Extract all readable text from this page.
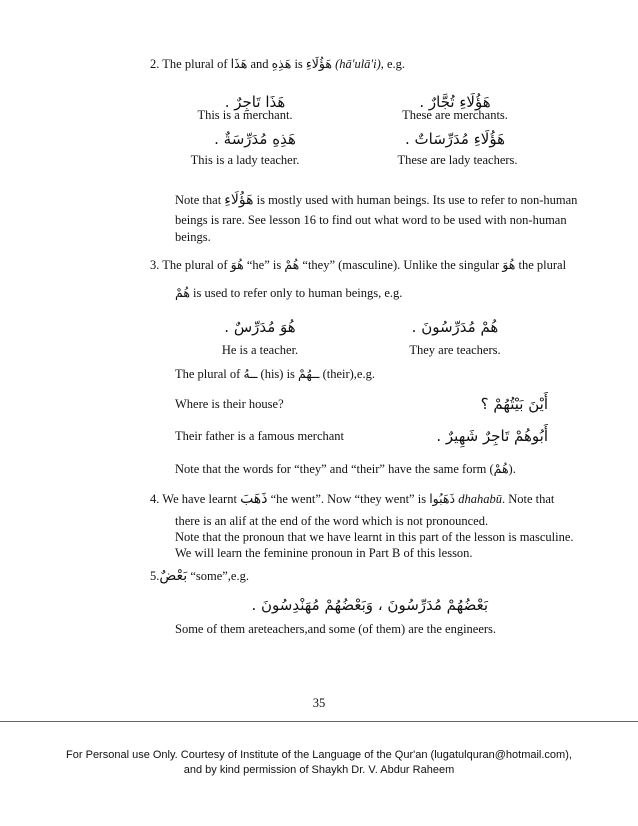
2. The plural of هَذَا and هَذِهِ is هَؤُلَاءِ (hā'ulā'i), e.g.
هَذَا تَاجِرٌ .	هَؤُلَاءِ تُجَّارٌ .
This is a merchant.	These are merchants.
هَذِهِ مُدَرِّسَةٌ .	هَؤُلَاءِ مُدَرِّسَاتٌ .
This is a lady teacher.	These are lady teachers.
Note that هَؤُلَاءِ is mostly used with human beings. Its use to refer to non-human
beings is rare. See lesson 16 to find out what word to be used with non-human
beings.
3. The plural of هُوَ “he” is هُمْ “they” (masculine). Unlike the singular هُوَ the plural
هُمْ is used to refer only to human beings, e.g.
هُوَ مُدَرِّسٌ .	هُمْ مُدَرِّسُونَ .
He is a teacher.	They are teachers.
The plural of ــهُ (his) is ــهُمْ (their),e.g.
Where is their house?	أَيْنَ بَيْتُهُمْ ؟
Their father is a famous merchant	أَبُوهُمْ تَاجِرٌ شَهِيرٌ .
Note that the words for “they” and “their” have the same form (هُمْ).
4. We have learnt ذَهَبَ “he went”. Now “they went” is ذَهَبُوا dhahabū. Note that
there is an alif at the end of the word which is not pronounced.
Note that the pronoun that we have learnt in this part of the lesson is masculine.
We will learn the feminine pronoun in Part B of this lesson.
5.بَعْضٌ “some”,e.g.
بَعْضُهُمْ مُدَرِّسُونَ ، وَبَعْضُهُمْ مُهَنْدِسُونَ .
Some of them areteachers,and some (of them) are the engineers.
35
For Personal use Only. Courtesy of Institute of the Language of the Qur'an (lugatulquran@hotmail.com),
and by kind permission of Shaykh Dr. V. Abdur Raheem
